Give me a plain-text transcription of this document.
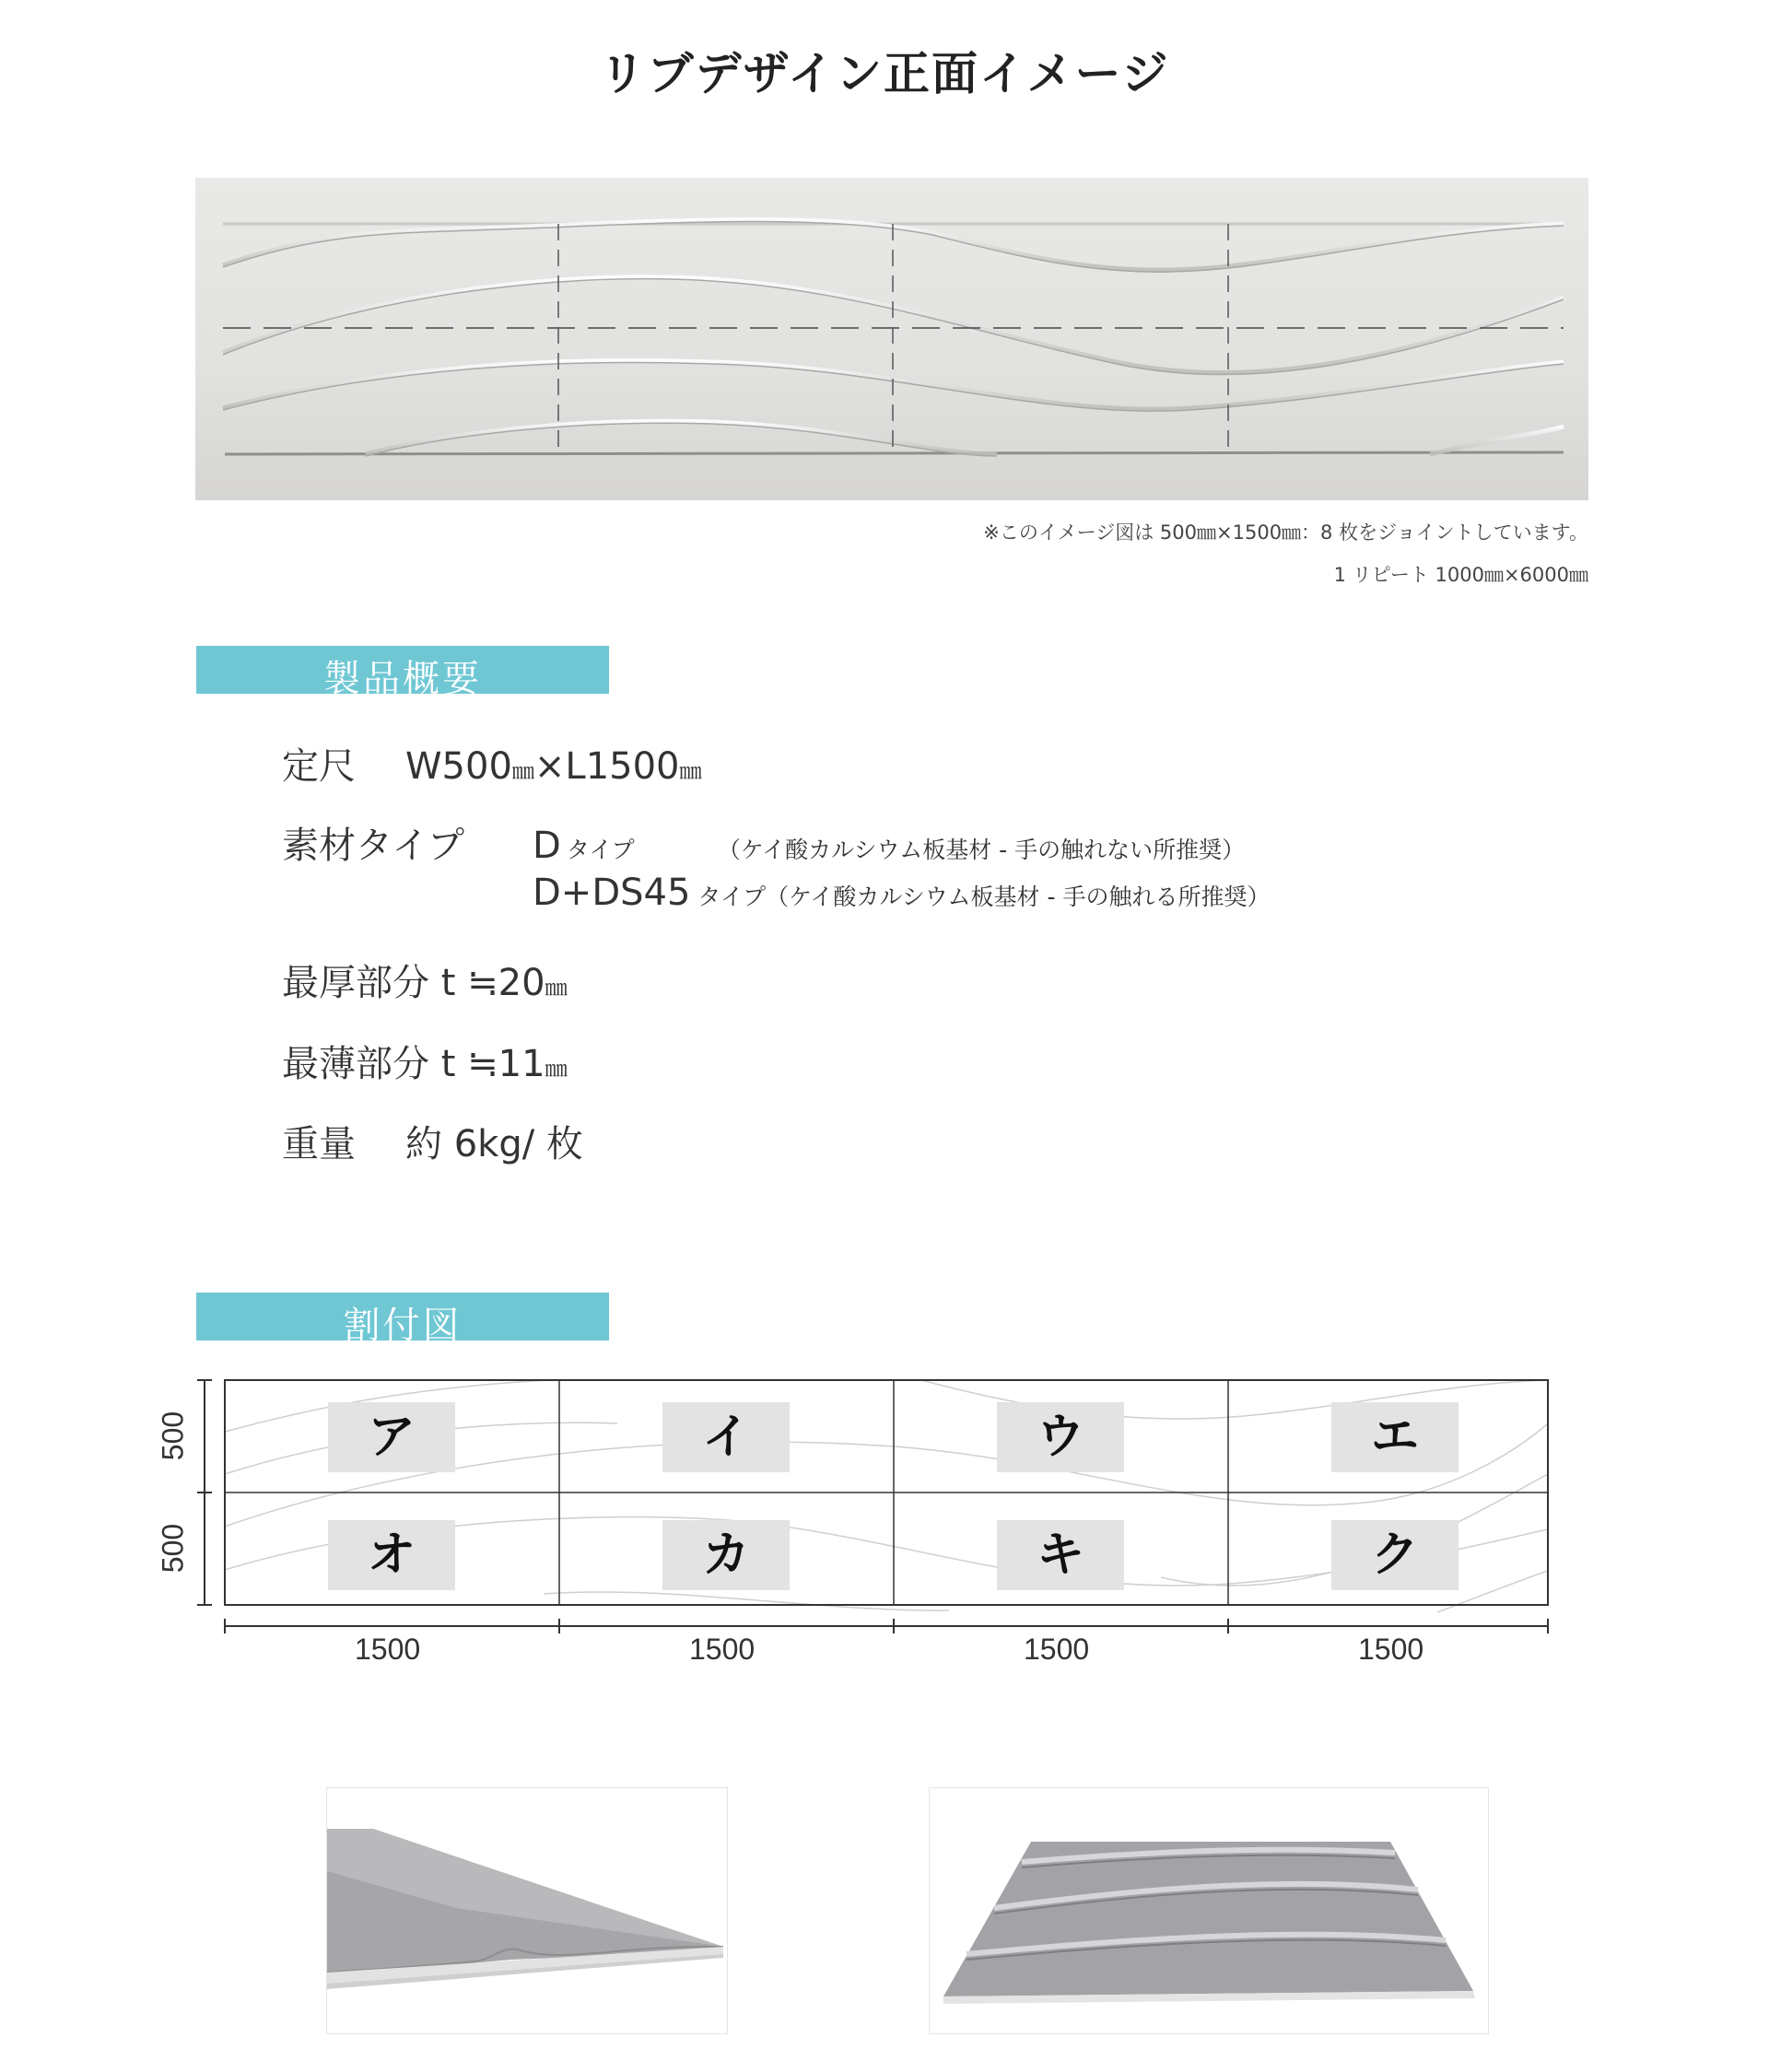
リブデザイン正面イメージ
※このイメージ図は 500㎜×1500㎜：8 枚をジョイントしています。
1 リピート 1000㎜×6000㎜
製品概要
定尺 W500㎜×L1500㎜
素材タイプ D タイプ	（ケイ酸カルシウム板基材 - 手の触れない所推奨）
D+DS45 タイプ（ケイ酸カルシウム板基材 - 手の触れる所推奨）
最厚部分 t ≒20㎜
最薄部分 t ≒11㎜
重量 約 6kg/ 枚
割付図
ア	イ	ウ	エ
オ	カ	キ	ク
500
500
1500	1500	1500	1500
